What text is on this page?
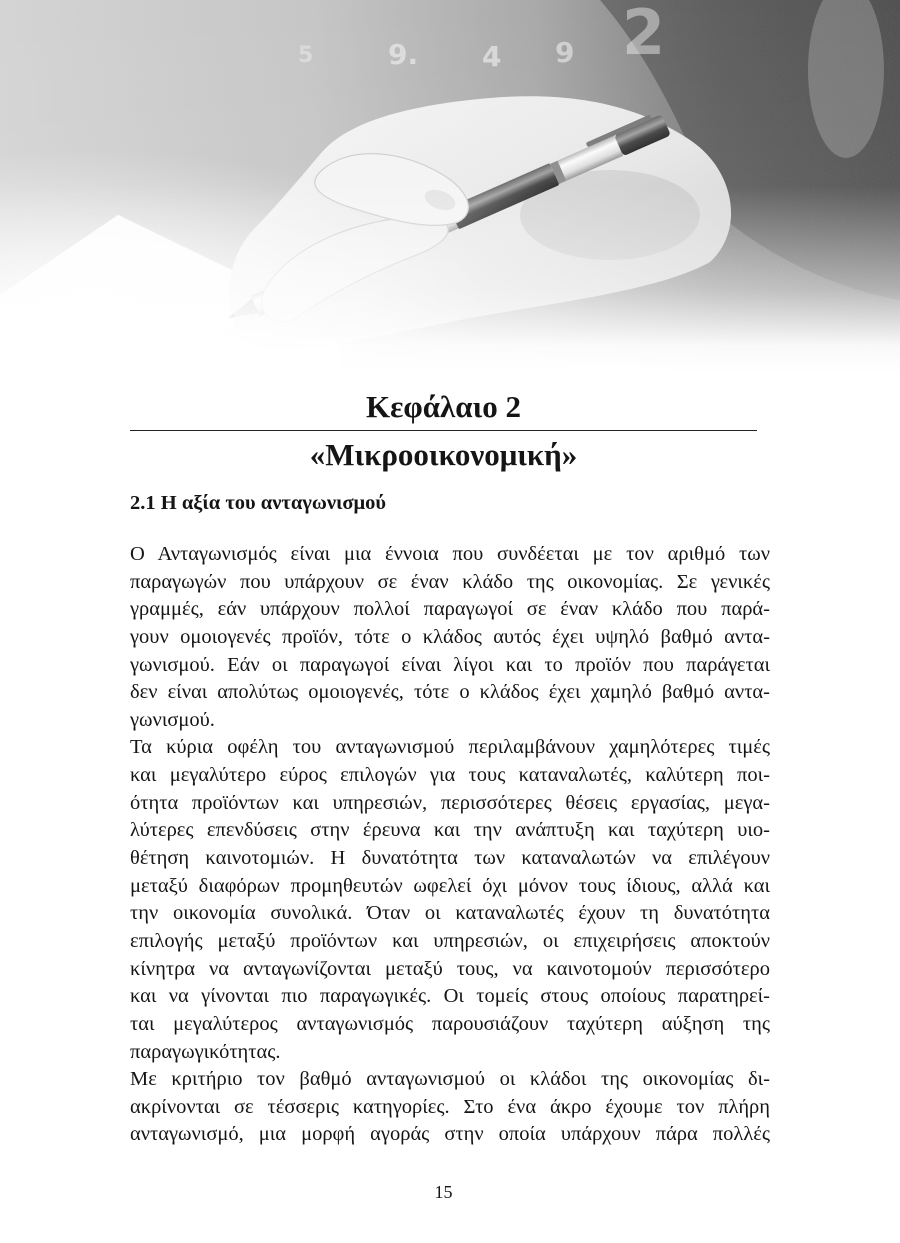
Κεφάλαιο 2
«Μικροοικονομική»
2.1 Η αξία του ανταγωνισμού
Ο Ανταγωνισμός είναι μια έννοια που συνδέεται με τον αριθμό των
παραγωγών που υπάρχουν σε έναν κλάδο της οικονομίας. Σε γενικές
γραμμές, εάν υπάρχουν πολλοί παραγωγοί σε έναν κλάδο που παρά-
γουν ομοιογενές προϊόν, τότε ο κλάδος αυτός έχει υψηλό βαθμό αντα-
γωνισμού. Εάν οι παραγωγοί είναι λίγοι και το προϊόν που παράγεται
δεν είναι απολύτως ομοιογενές, τότε ο κλάδος έχει χαμηλό βαθμό αντα-
γωνισμού.
Τα κύρια οφέλη του ανταγωνισμού περιλαμβάνουν χαμηλότερες τιμές
και μεγαλύτερο εύρος επιλογών για τους καταναλωτές, καλύτερη ποι-
ότητα προϊόντων και υπηρεσιών, περισσότερες θέσεις εργασίας, μεγα-
λύτερες επενδύσεις στην έρευνα και την ανάπτυξη και ταχύτερη υιο-
θέτηση καινοτομιών. Η δυνατότητα των καταναλωτών να επιλέγουν
μεταξύ διαφόρων προμηθευτών ωφελεί όχι μόνον τους ίδιους, αλλά και
την οικονομία συνολικά. Όταν οι καταναλωτές έχουν τη δυνατότητα
επιλογής μεταξύ προϊόντων και υπηρεσιών, οι επιχειρήσεις αποκτούν
κίνητρα να ανταγωνίζονται μεταξύ τους, να καινοτομούν περισσότερο
και να γίνονται πιο παραγωγικές. Οι τομείς στους οποίους παρατηρεί-
ται μεγαλύτερος ανταγωνισμός παρουσιάζουν ταχύτερη αύξηση της
παραγωγικότητας.
Με κριτήριο τον βαθμό ανταγωνισμού οι κλάδοι της οικονομίας δι-
ακρίνονται σε τέσσερις κατηγορίες. Στο ένα άκρο έχουμε τον πλήρη
ανταγωνισμό, μια μορφή αγοράς στην οποία υπάρχουν πάρα πολλές
15
